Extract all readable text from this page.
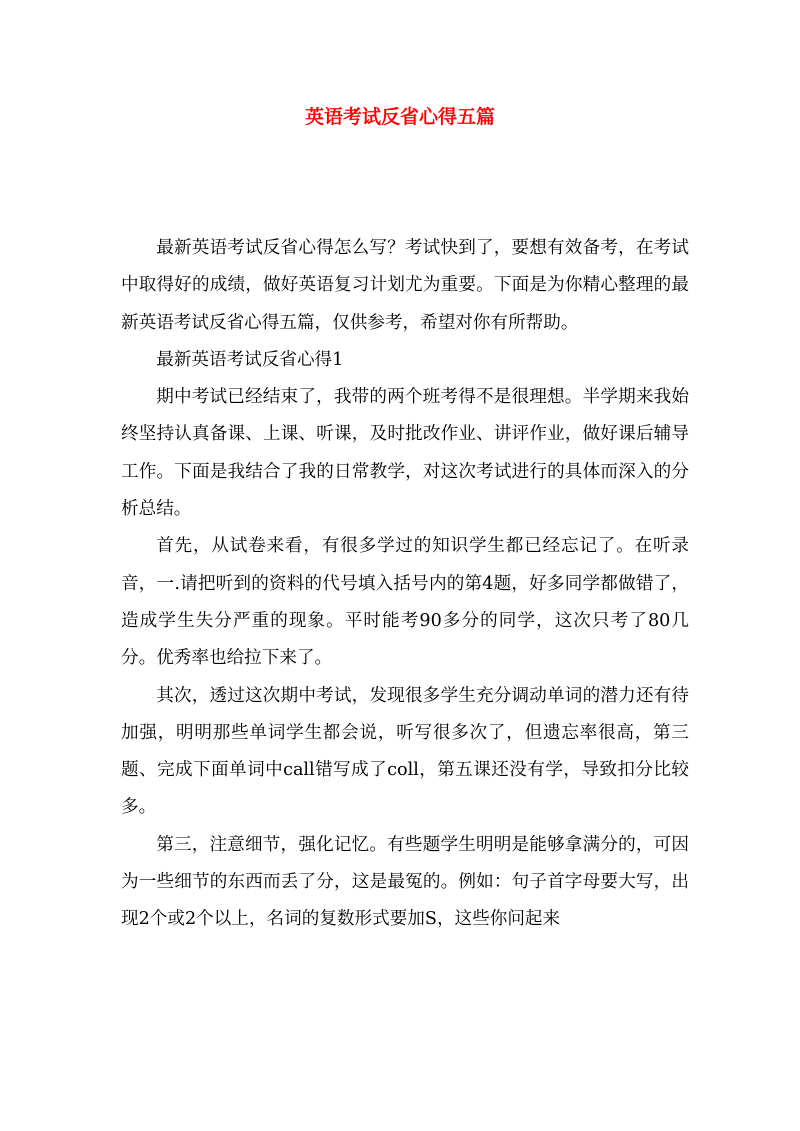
英语考试反省心得五篇

最新英语考试反省心得怎么写？考试快到了，要想有效备考，在考试中取得好的成绩，做好英语复习计划尤为重要。下面是为你精心整理的最新英语考试反省心得五篇，仅供参考，希望对你有所帮助。

最新英语考试反省心得1

期中考试已经结束了，我带的两个班考得不是很理想。半学期来我始终坚持认真备课、上课、听课，及时批改作业、讲评作业，做好课后辅导工作。下面是我结合了我的日常教学，对这次考试进行的具体而深入的分析总结。

首先，从试卷来看，有很多学过的知识学生都已经忘记了。在听录音，一.请把听到的资料的代号填入括号内的第4题，好多同学都做错了，造成学生失分严重的现象。平时能考90多分的同学，这次只考了80几分。优秀率也给拉下来了。

其次，透过这次期中考试，发现很多学生充分调动单词的潜力还有待加强，明明那些单词学生都会说，听写很多次了，但遗忘率很高，第三题、完成下面单词中call错写成了coll，第五课还没有学，导致扣分比较多。

第三，注意细节，强化记忆。有些题学生明明是能够拿满分的，可因为一些细节的东西而丢了分，这是最冤的。例如：句子首字母要大写，出现2个或2个以上，名词的复数形式要加S，这些你问起来
